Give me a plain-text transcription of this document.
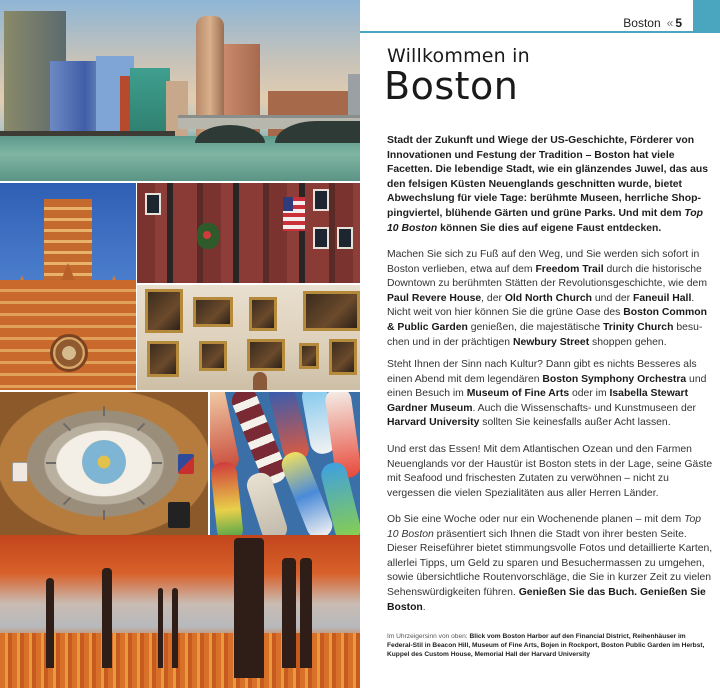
Boston « 5
Willkommen in
Boston

Stadt der Zukunft und Wiege der US-Geschichte, Förderer von Innovationen und Festung der Tradition – Boston hat viele Facetten. Die lebendige Stadt, wie ein glänzendes Juwel, das aus den felsigen Küsten Neuenglands geschnitten wurde, bietet Abwechslung für viele Tage: berühmte Museen, herrliche Shoppingviertel, blühende Gärten und grüne Parks. Und mit dem Top 10 Boston können Sie dies auf eigene Faust entdecken.

Machen Sie sich zu Fuß auf den Weg, und Sie werden sich sofort in Boston verlieben, etwa auf dem Freedom Trail durch die historische Downtown zu berühmten Stätten der Revolutionsgeschichte, wie dem Paul Revere House, der Old North Church und der Faneuil Hall. Nicht weit von hier können Sie die grüne Oase des Boston Common & Public Garden genießen, die majestätische Trinity Church besuchen und in der prächtigen Newbury Street shoppen gehen.

Steht Ihnen der Sinn nach Kultur? Dann gibt es nichts Besseres als einen Abend mit dem legendären Boston Symphony Orchestra und einen Besuch im Museum of Fine Arts oder im Isabella Stewart Gardner Museum. Auch die Wissenschafts- und Kunstmuseen der Harvard University sollten Sie keinesfalls außer Acht lassen.

Und erst das Essen! Mit dem Atlantischen Ozean und den Farmen Neuenglands vor der Haustür ist Boston stets in der Lage, seine Gäste mit Seafood und frischesten Zutaten zu verwöhnen – nicht zu vergessen die vielen Spezialitäten aus aller Herren Länder.

Ob Sie eine Woche oder nur ein Wochenende planen – mit dem Top 10 Boston präsentiert sich Ihnen die Stadt von ihrer besten Seite. Dieser Reiseführer bietet stimmungsvolle Fotos und detaillierte Karten, allerlei Tipps, um Geld zu sparen und Besuchermassen zu umgehen, sowie übersichtliche Routenvorschläge, die Sie in kurzer Zeit zu vielen Sehenswürdigkeiten führen. Genießen Sie das Buch. Genießen Sie Boston.

Im Uhrzeigersinn von oben: Blick vom Boston Harbor auf den Financial District, Reihenhäuser im Federal-Stil in Beacon Hill, Museum of Fine Arts, Bojen in Rockport, Boston Public Garden im Herbst, Kuppel des Custom House, Memorial Hall der Harvard University
